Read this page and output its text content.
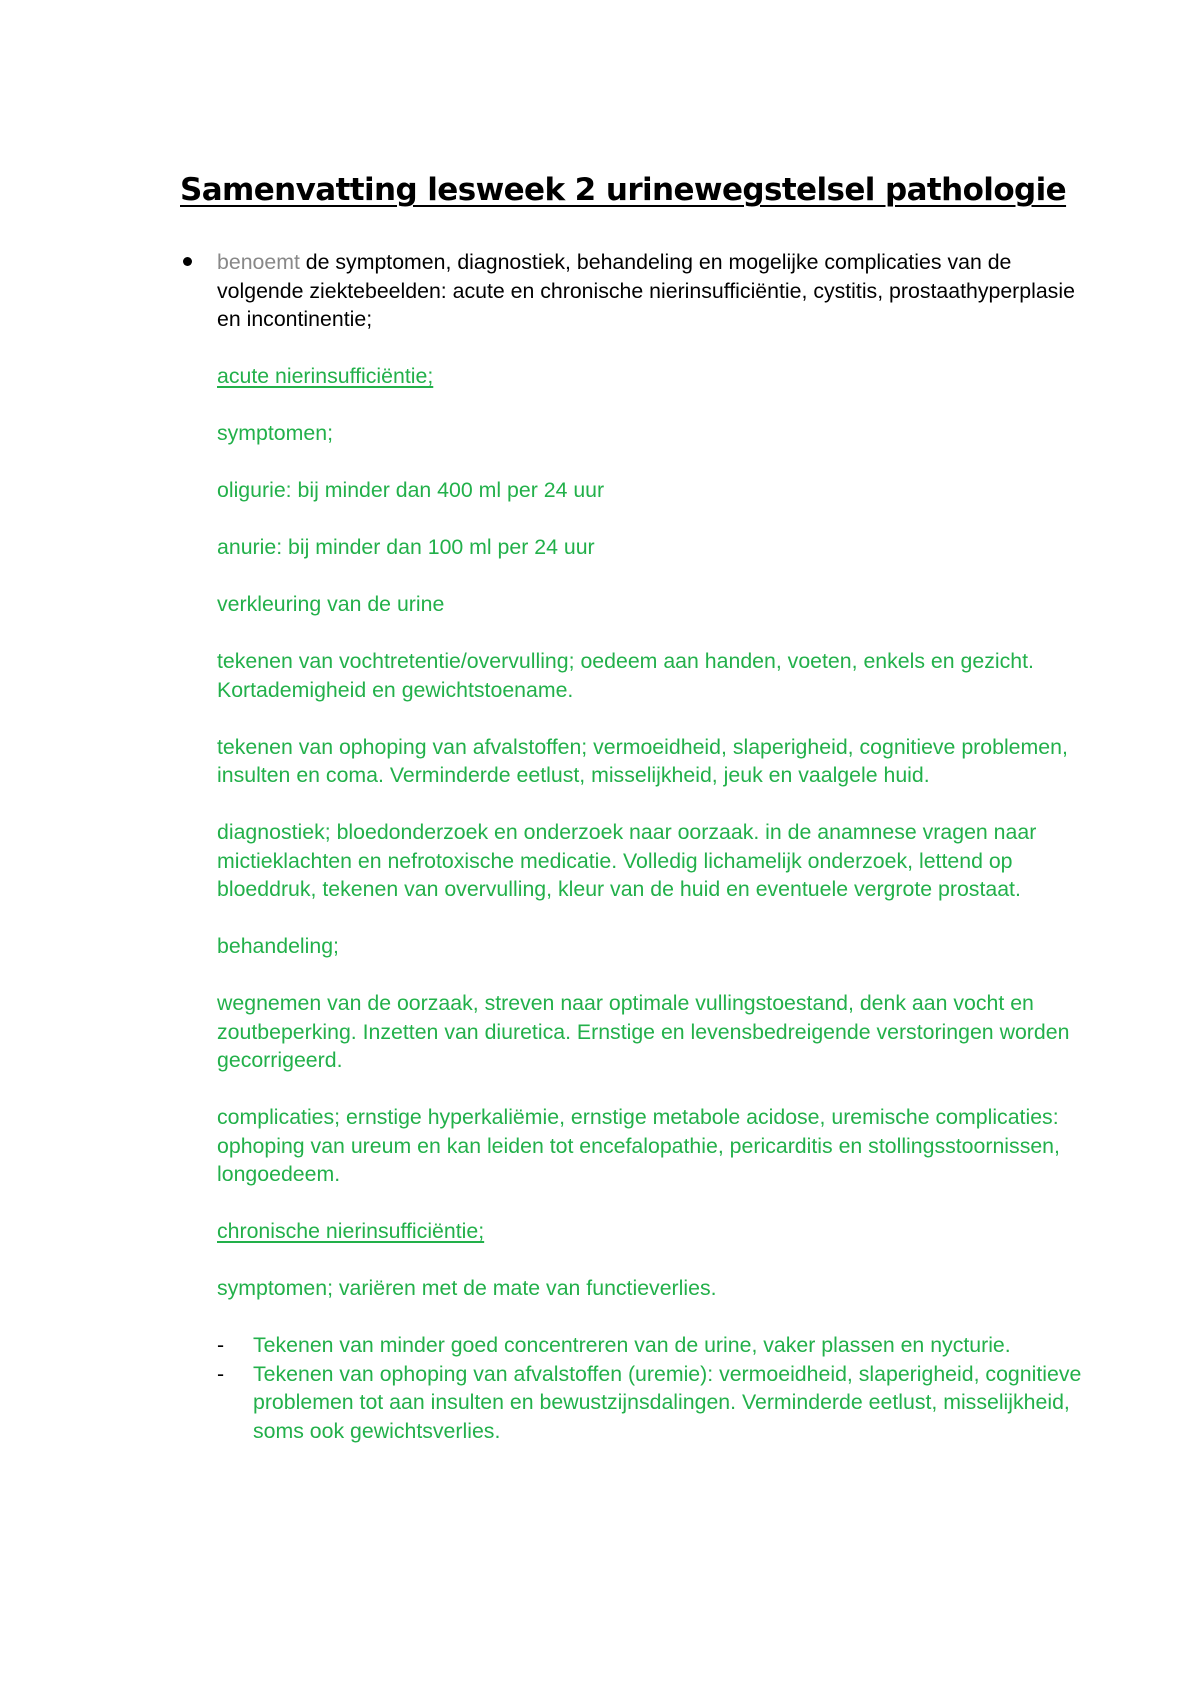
Samenvatting lesweek 2 urinewegstelsel pathologie

benoemt de symptomen, diagnostiek, behandeling en mogelijke complicaties van de volgende ziektebeelden: acute en chronische nierinsufficiëntie, cystitis, prostaathyperplasie en incontinentie;

acute nierinsufficiëntie;

symptomen;

oligurie: bij minder dan 400 ml per 24 uur

anurie: bij minder dan 100 ml per 24 uur

verkleuring van de urine

tekenen van vochtretentie/overvulling; oedeem aan handen, voeten, enkels en gezicht. Kortademigheid en gewichtstoename.

tekenen van ophoping van afvalstoffen; vermoeidheid, slaperigheid, cognitieve problemen, insulten en coma. Verminderde eetlust, misselijkheid, jeuk en vaalgele huid.

diagnostiek; bloedonderzoek en onderzoek naar oorzaak. in de anamnese vragen naar mictieklachten en nefrotoxische medicatie. Volledig lichamelijk onderzoek, lettend op bloeddruk, tekenen van overvulling, kleur van de huid en eventuele vergrote prostaat.

behandeling;

wegnemen van de oorzaak, streven naar optimale vullingstoestand, denk aan vocht en zoutbeperking. Inzetten van diuretica. Ernstige en levensbedreigende verstoringen worden gecorrigeerd.

complicaties; ernstige hyperkaliëmie, ernstige metabole acidose, uremische complicaties: ophoping van ureum en kan leiden tot encefalopathie, pericarditis en stollingsstoornissen, longoedeem.

chronische nierinsufficiëntie;

symptomen; variëren met de mate van functieverlies.

- Tekenen van minder goed concentreren van de urine, vaker plassen en nycturie.
- Tekenen van ophoping van afvalstoffen (uremie): vermoeidheid, slaperigheid, cognitieve problemen tot aan insulten en bewustzijnsdalingen. Verminderde eetlust, misselijkheid, soms ook gewichtsverlies.
